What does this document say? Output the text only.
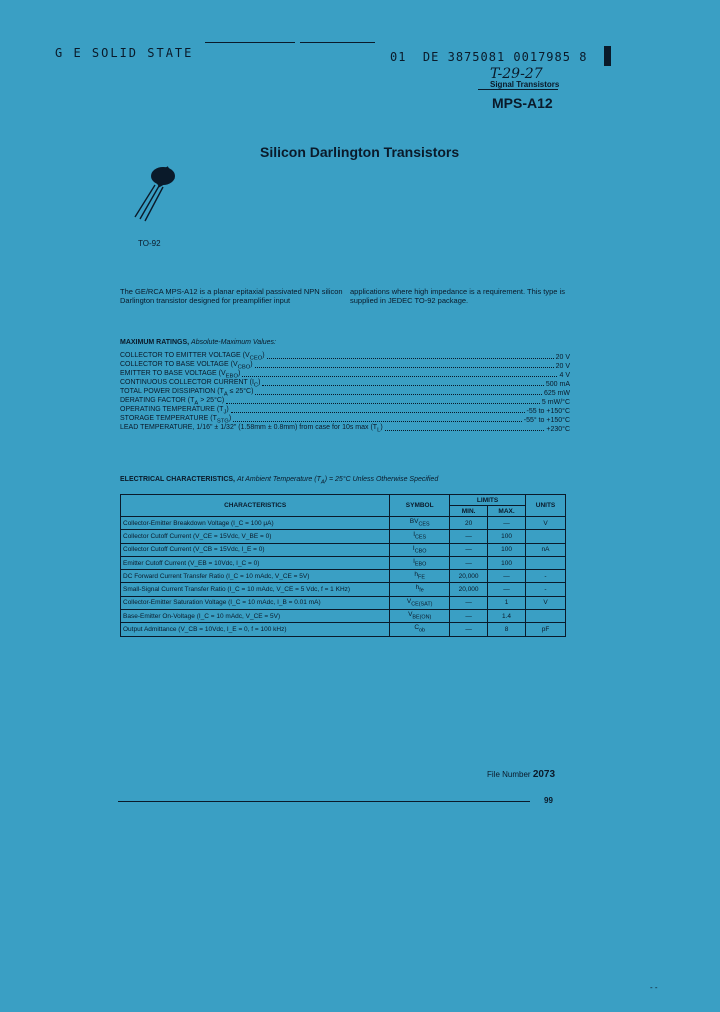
G E SOLID STATE	01 DE 3875081 0017985 8
T-29-27
Signal Transistors
MPS-A12
Silicon Darlington Transistors
TO-92
The GE/RCA MPS-A12 is a planar epitaxial passivated NPN silicon Darlington transistor designed for preamplifier input
applications where high impedance is a requirement. This type is supplied in JEDEC TO-92 package.
MAXIMUM RATINGS, Absolute-Maximum Values:
COLLECTOR TO EMITTER VOLTAGE $(V_{CEO})$	20 V
COLLECTOR TO BASE VOLTAGE $(V_{CBO})$	20 V
EMITTER TO BASE VOLTAGE $(V_{EBO})$	4 V
CONTINUOUS COLLECTOR CURRENT $(I_C)$	500 mA
TOTAL POWER DISSIPATION $(T_A \le 25^\circ C)$	625 mW
DERATING FACTOR $(T_A > 25^\circ C)$	5 mW/°C
OPERATING TEMPERATURE $(T_J)$	-55 to +150°C
STORAGE TEMPERATURE $(T_{STG})$	-55° to +150°C
LEAD TEMPERATURE, 1/16" ± 1/32" (1.58mm ± 0.8mm) from case for 10s $\max (T_L)$	+230°C
ELECTRICAL CHARACTERISTICS, At Ambient Temperature $(T_A) = 25^\circ C$ Unless Otherwise Specified
CHARACTERISTICS	SYMBOL	LIMITS		UNITS
		MIN.	MAX.	
Collector-Emitter Breakdown Voltage (I_C = 100 μA)	$BV_{CES}$	20	—	V
Collector Cutoff Current (V_CE = 15Vdc, V_BE = 0)	$I_{CES}$	—	100	
Collector Cutoff Current (V_CB = 15Vdc, I_E = 0)	$I_{CBO}$	—	100	nA
Emitter Cutoff Current (V_EB = 10Vdc, I_C = 0)	$I_{EBO}$	—	100	
DC Forward Current Transfer Ratio (I_C = 10 mAdc, V_CE = 5V)	$h_{FE}$	20,000	—	-
Small-Signal Current Transfer Ratio (I_C = 10 mAdc, V_CE = 5 Vdc, f = 1 KHz)	$h_{fe}$	20,000	—	-
Collector-Emitter Saturation Voltage (I_C = 10 mAdc, I_B = 0.01 mA)	$V_{CE(SAT)}$	—	1	V
Base-Emitter On-Voltage (I_C = 10 mAdc, V_CE = 5V)	$V_{BE(ON)}$	—	1.4	
Output Admittance (V_CB = 10Vdc, I_E = 0, f = 100 kHz)	$C_{ob}$	—	8	pF
File Number 2073
99
- -
